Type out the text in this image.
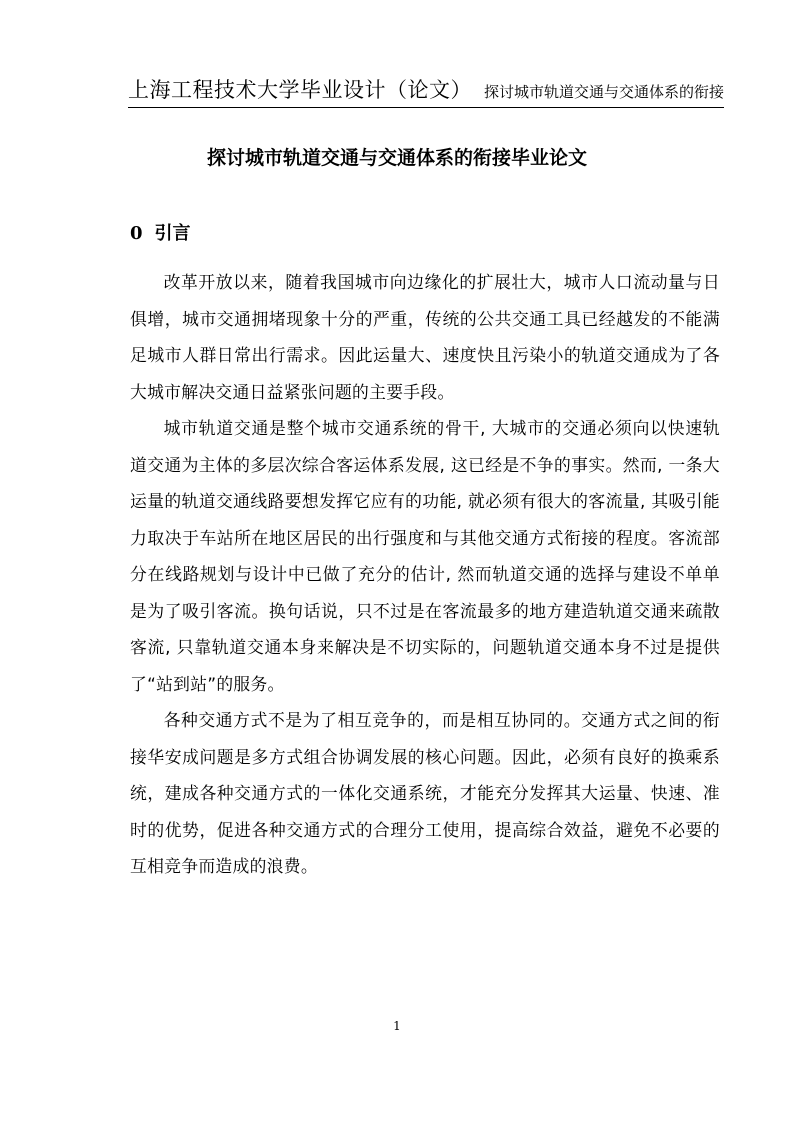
上海工程技术大学毕业设计（论文） 探讨城市轨道交通与交通体系的衔接
探讨城市轨道交通与交通体系的衔接毕业论文
0 引言

改革开放以来，随着我国城市向边缘化的扩展壮大，城市人口流动量与日俱增，城市交通拥堵现象十分的严重，传统的公共交通工具已经越发的不能满足城市人群日常出行需求。因此运量大、速度快且污染小的轨道交通成为了各大城市解决交通日益紧张问题的主要手段。

城市轨道交通是整个城市交通系统的骨干, 大城市的交通必须向以快速轨道交通为主体的多层次综合客运体系发展, 这已经是不争的事实。然而, 一条大运量的轨道交通线路要想发挥它应有的功能, 就必须有很大的客流量, 其吸引能力取决于车站所在地区居民的出行强度和与其他交通方式衔接的程度。客流部分在线路规划与设计中已做了充分的估计, 然而轨道交通的选择与建设不单单是为了吸引客流。换句话说，只不过是在客流最多的地方建造轨道交通来疏散客流, 只靠轨道交通本身来解决是不切实际的，问题轨道交通本身不过是提供了“站到站”的服务。

各种交通方式不是为了相互竞争的，而是相互协同的。交通方式之间的衔接华安成问题是多方式组合协调发展的核心问题。因此，必须有良好的换乘系统，建成各种交通方式的一体化交通系统，才能充分发挥其大运量、快速、准时的优势，促进各种交通方式的合理分工使用，提高综合效益，避免不必要的互相竞争而造成的浪费。

1
